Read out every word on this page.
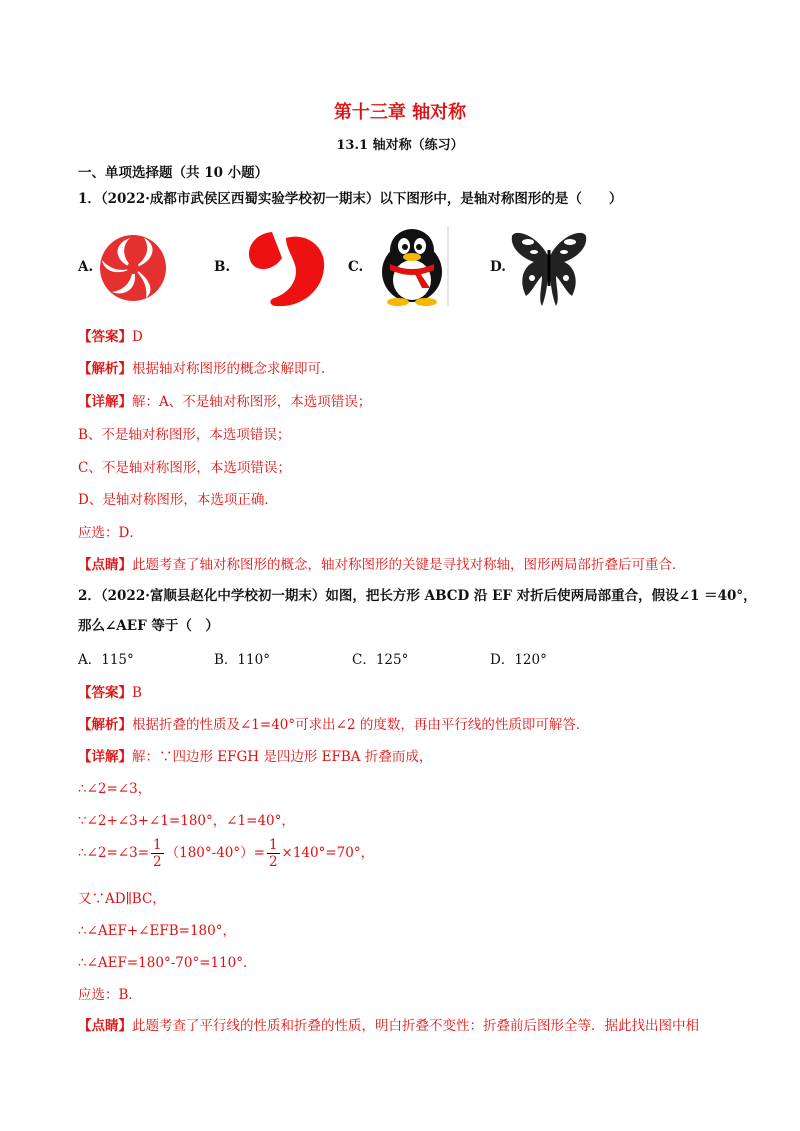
第十三章 轴对称
13.1 轴对称（练习）
一、单项选择题（共 10 小题）
1．（2022·成都市武侯区西蜀实验学校初一期末）以下图形中，是轴对称图形的是（　　）
A.	B.	C.	D.
【答案】D
【解析】根据轴对称图形的概念求解即可．
【详解】解：A、不是轴对称图形，本选项错误；
B、不是轴对称图形，本选项错误；
C、不是轴对称图形，本选项错误；
D、是轴对称图形，本选项正确．
应选：D．
【点睛】此题考查了轴对称图形的概念，轴对称图形的关键是寻找对称轴，图形两局部折叠后可重合．
2．（2022·富顺县赵化中学校初一期末）如图，把长方形 ABCD 沿 EF 对折后使两局部重合，假设∠1 ＝40°，
那么∠AEF 等于（　）
A．115°	B．110°	C．125°	D．120°
【答案】B
【解析】根据折叠的性质及∠1=40°可求出∠2 的度数，再由平行线的性质即可解答．
【详解】解：∵四边形 EFGH 是四边形 EFBA 折叠而成，
∴∠2=∠3，
∵∠2+∠3+∠1=180°，∠1=40°，
∴∠2=∠3= $\frac{1}{2} (180^\circ-40^\circ)= \frac{1}{2} \times 140^\circ=70^\circ$，
又∵AD∥BC，
∴∠AEF+∠EFB=180°，
∴∠AEF=180°-70°=110°．
应选：B．
【点睛】此题考查了平行线的性质和折叠的性质，明白折叠不变性：折叠前后图形全等．据此找出图中相
